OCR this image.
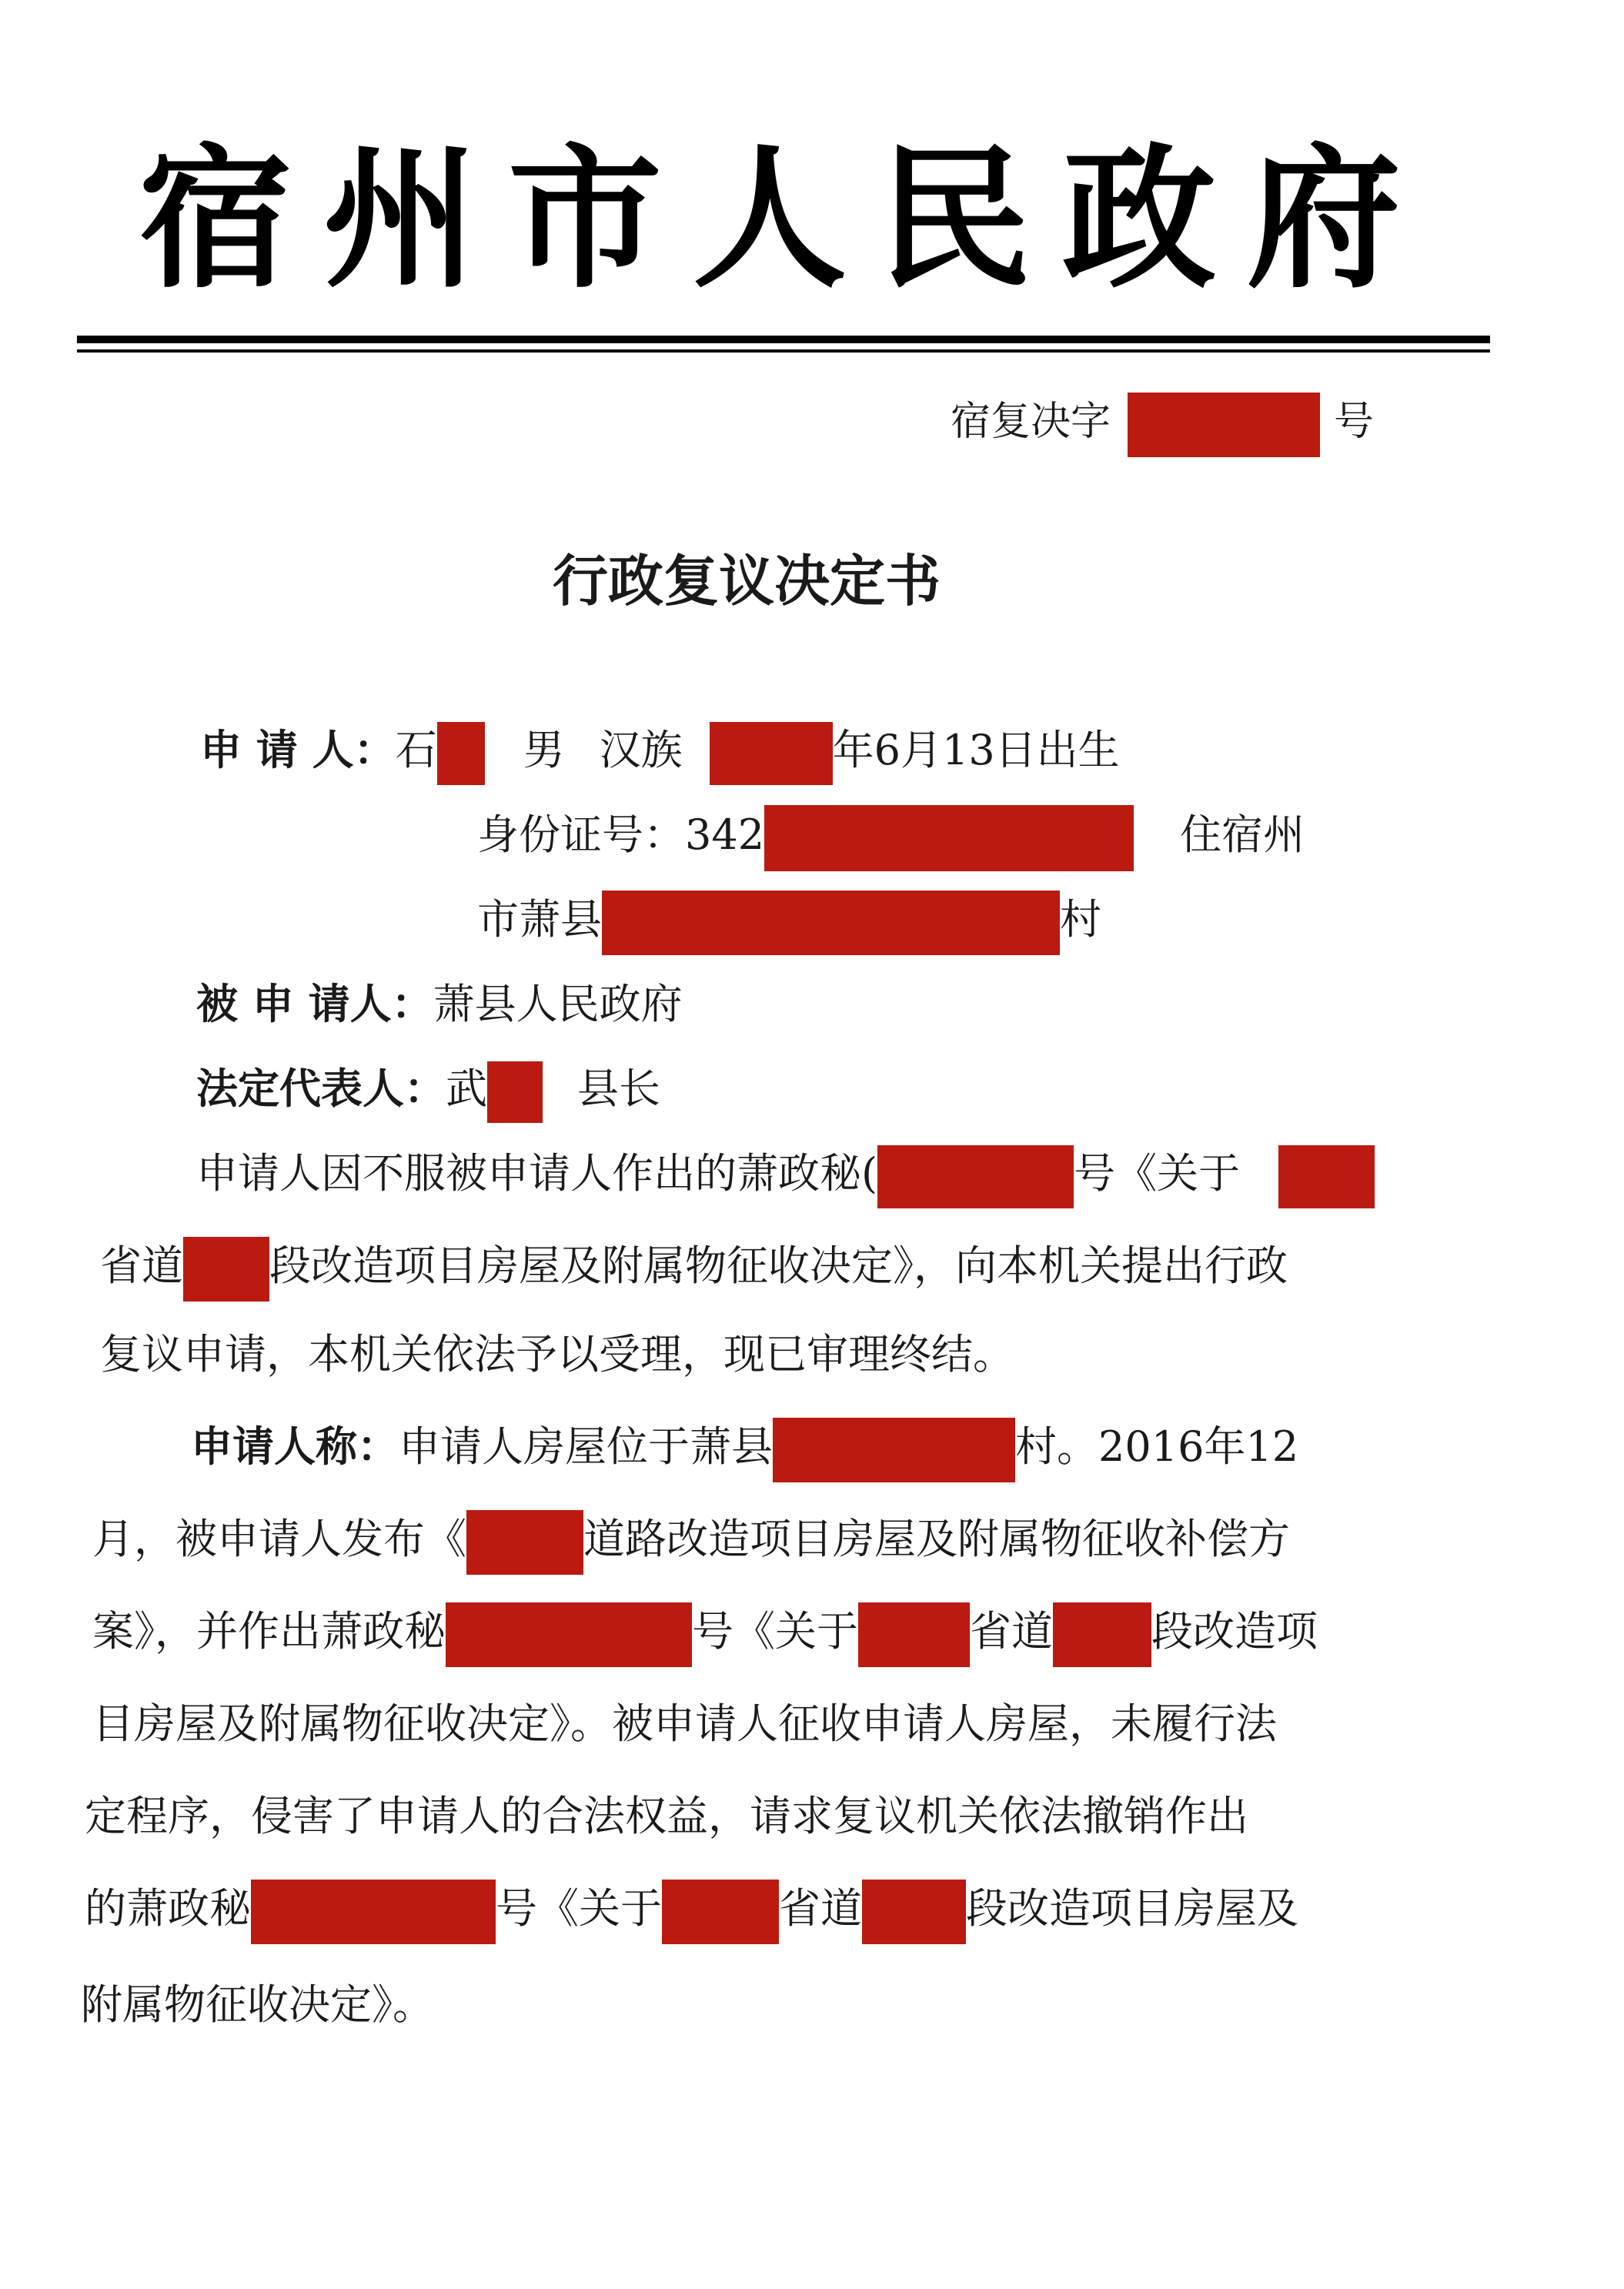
宿州市人民政府
宿复决字	号
行政复议决定书
申 请 人：石 男 汉族	年6月13日出生
身份证号：342	住宿州
市萧县	村
被 申 请人：萧县人民政府
法定代表人：武 县长
申请人因不服被申请人作出的萧政秘(	号《关于
省道 段改造项目房屋及附属物征收决定》，向本机关提出行政
复议申请，本机关依法予以受理，现已审理终结。
申请人称：申请人房屋位于萧县	村。2016年12
月，被申请人发布《	道路改造项目房屋及附属物征收补偿方
案》，并作出萧政秘	号《关于	省道 段改造项
目房屋及附属物征收决定》。被申请人征收申请人房屋，未履行法
定程序，侵害了申请人的合法权益，请求复议机关依法撤销作出
的萧政秘	号《关于	省道	段改造项目房屋及
附属物征收决定》。
